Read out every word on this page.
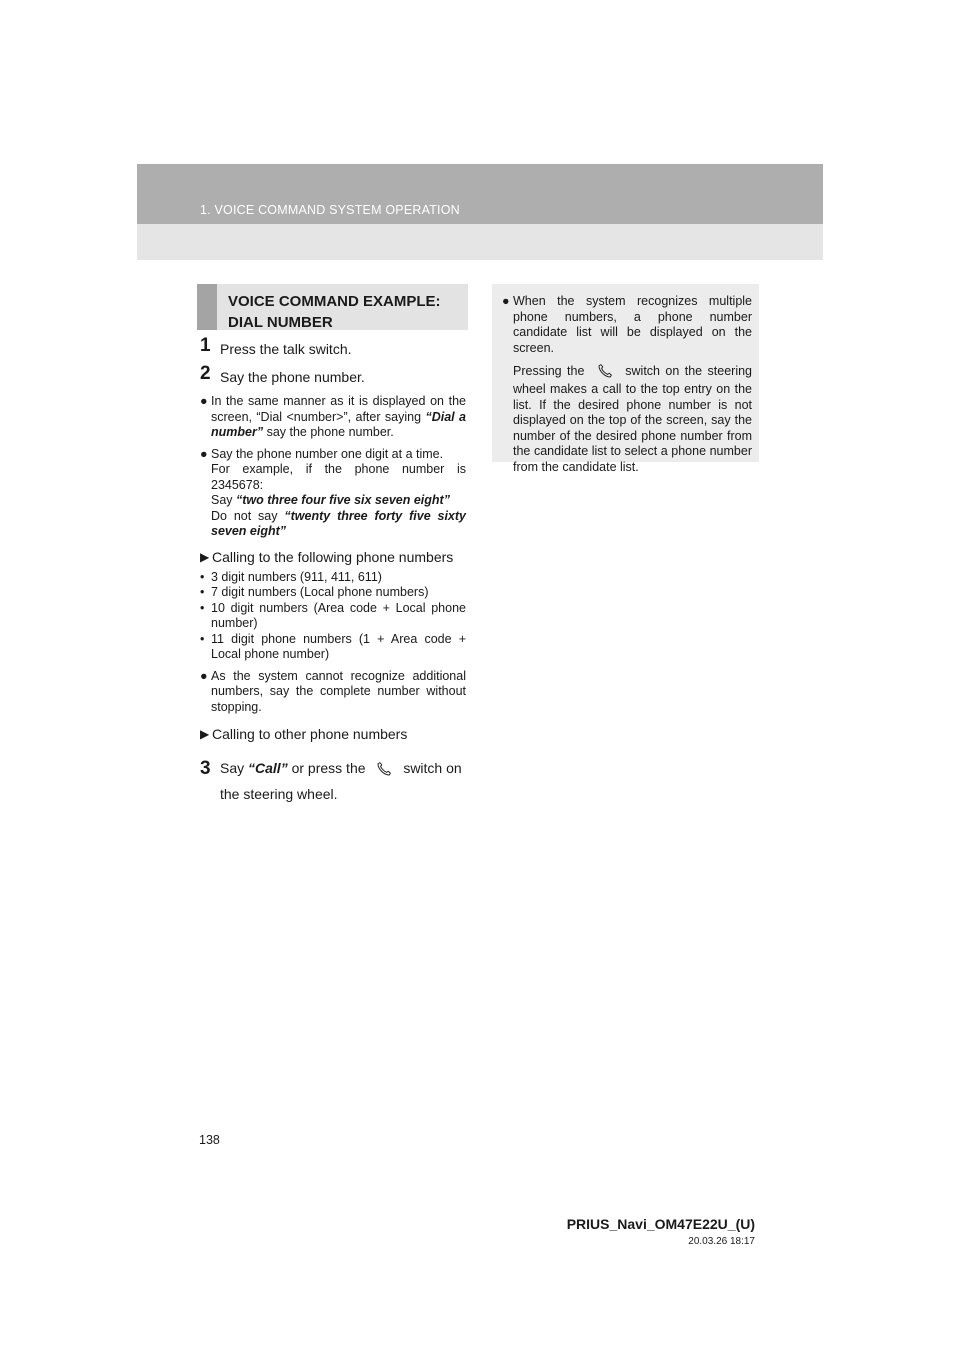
1. VOICE COMMAND SYSTEM OPERATION
VOICE COMMAND EXAMPLE:
DIAL NUMBER
1 Press the talk switch.
2 Say the phone number.
● In the same manner as it is displayed on the screen, “Dial <number>”, after saying “Dial a number” say the phone number.
● Say the phone number one digit at a time.
For example, if the phone number is 2345678:
Say “two three four five six seven eight”
Do not say “twenty three forty five sixty seven eight”
▶ Calling to the following phone numbers
• 3 digit numbers (911, 411, 611)
• 7 digit numbers (Local phone numbers)
• 10 digit numbers (Area code + Local phone number)
• 11 digit phone numbers (1 + Area code + Local phone number)
● As the system cannot recognize additional numbers, say the complete number without stopping.
▶ Calling to other phone numbers
3 Say “Call” or press the	switch on the steering wheel.
● When the system recognizes multiple phone numbers, a phone number candidate list will be displayed on the screen.
Pressing the	switch on the steering wheel makes a call to the top entry on the list. If the desired phone number is not displayed on the top of the screen, say the number of the desired phone number from the candidate list to select a phone number from the candidate list.
138
PRIUS_Navi_OM47E22U_(U)
20.03.26 18:17
